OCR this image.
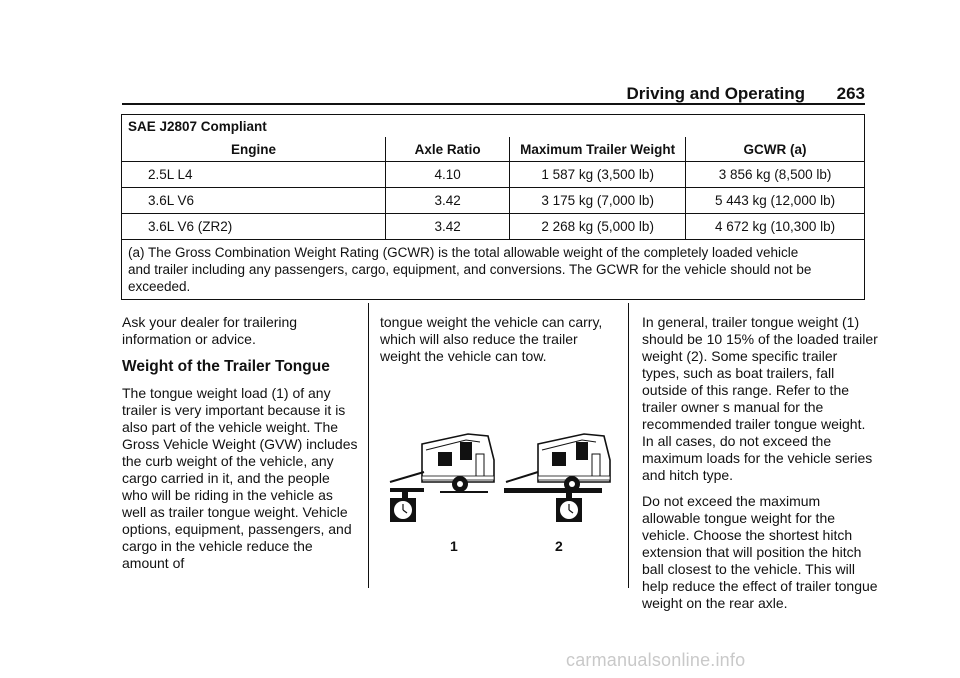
Driving and Operating 263
SAE J2807 Compliant			
Engine	Axle Ratio	Maximum Trailer Weight	GCWR (a)
2.5L L4	4.10	1 587 kg (3,500 lb)	3 856 kg (8,500 lb)
3.6L V6	3.42	3 175 kg (7,000 lb)	5 443 kg (12,000 lb)
3.6L V6 (ZR2)	3.42	2 268 kg (5,000 lb)	4 672 kg (10,300 lb)
(a) The Gross Combination Weight Rating (GCWR) is the total allowable weight of the completely loaded vehicle
and trailer including any passengers, cargo, equipment, and conversions. The GCWR for the vehicle should not be
exceeded.			

Ask your dealer for trailering information or advice.

Weight of the Trailer Tongue

The tongue weight load (1) of any trailer is very important because it is also part of the vehicle weight. The Gross Vehicle Weight (GVW) includes the curb weight of the vehicle, any cargo carried in it, and the people who will be riding in the vehicle as well as trailer tongue weight. Vehicle options, equipment, passengers, and cargo in the vehicle reduce the amount of

tongue weight the vehicle can carry, which will also reduce the trailer weight the vehicle can tow.

1	2

In general, trailer tongue weight (1) should be 10 15% of the loaded trailer weight (2). Some specific trailer types, such as boat trailers, fall outside of this range. Refer to the trailer owner s manual for the recommended trailer tongue weight. In all cases, do not exceed the maximum loads for the vehicle series and hitch type.

Do not exceed the maximum allowable tongue weight for the vehicle. Choose the shortest hitch extension that will position the hitch ball closest to the vehicle. This will help reduce the effect of trailer tongue weight on the rear axle.

carmanualsonline.info
